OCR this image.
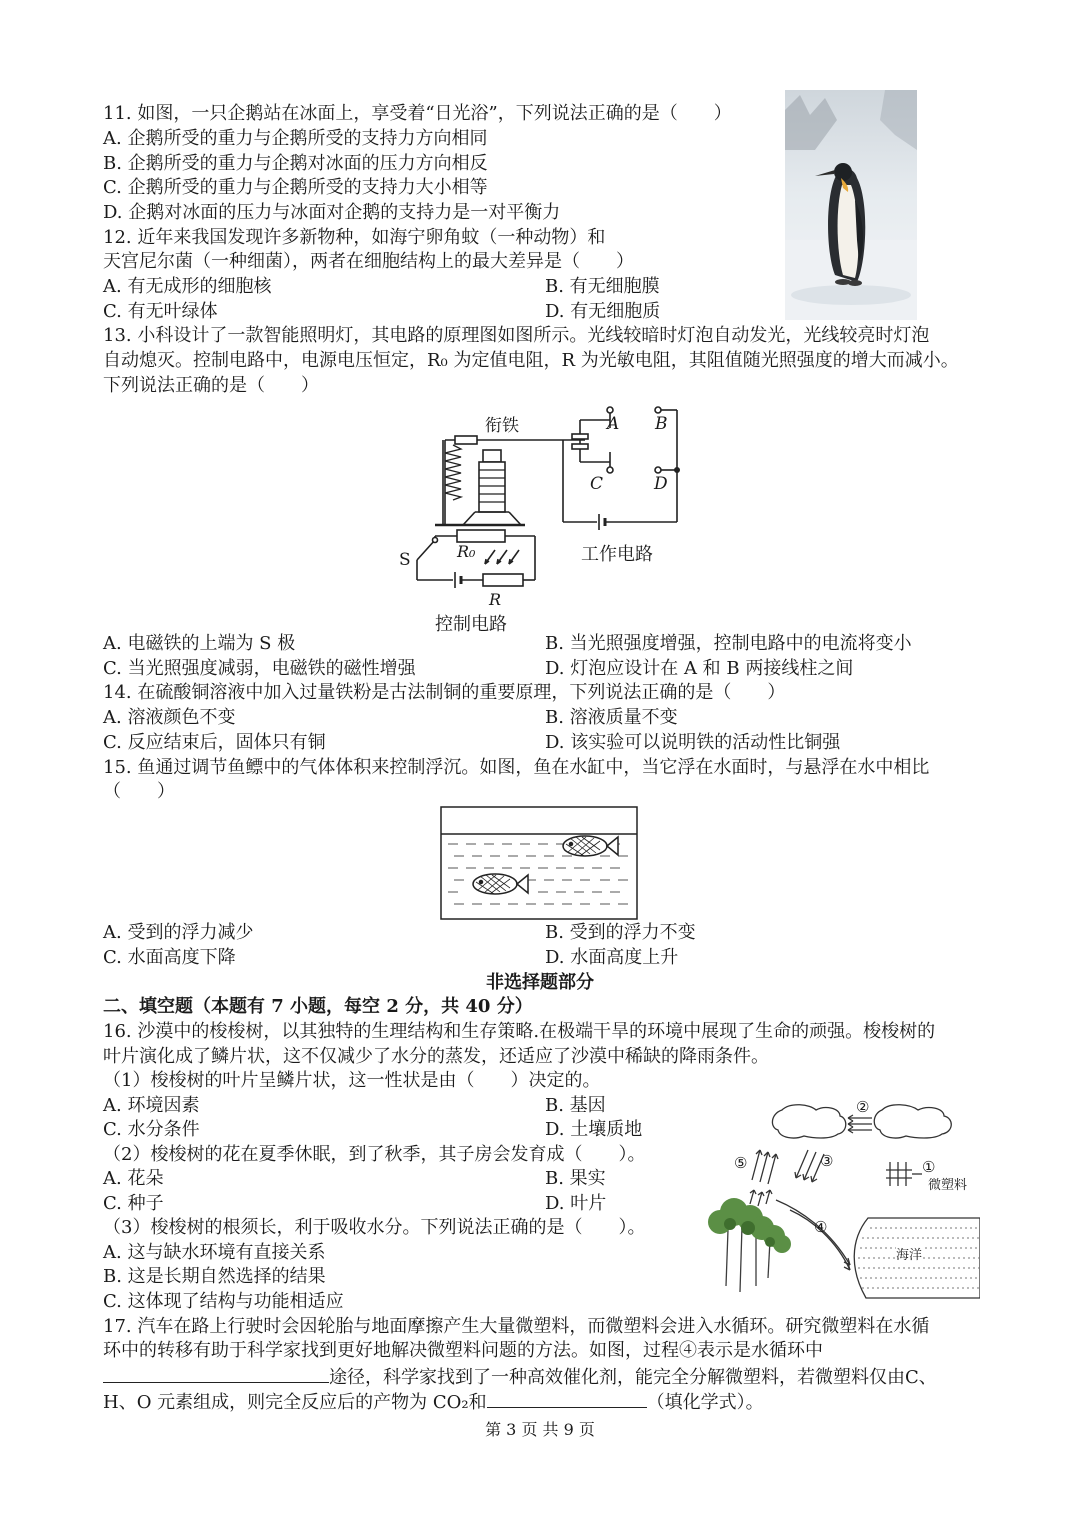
11. 如图，一只企鹅站在冰面上，享受着“日光浴”，下列说法正确的是（　　）
A. 企鹅所受的重力与企鹅所受的支持力方向相同
B. 企鹅所受的重力与企鹅对冰面的压力方向相反
C. 企鹅所受的重力与企鹅所受的支持力大小相等
D. 企鹅对冰面的压力与冰面对企鹅的支持力是一对平衡力
12. 近年来我国发现许多新物种，如海宁卵角蚊（一种动物）和
天宫尼尔菌（一种细菌），两者在细胞结构上的最大差异是（　　）
A. 有无成形的细胞核	B. 有无细胞膜
C. 有无叶绿体	D. 有无细胞质
13. 小科设计了一款智能照明灯，其电路的原理图如图所示。光线较暗时灯泡自动发光，光线较亮时灯泡
自动熄灭。控制电路中，电源电压恒定，R₀ 为定值电阻，R 为光敏电阻，其阻值随光照强度的增大而减小。
下列说法正确的是（　　）
衔铁	A B
C	D
S	R₀
R
工作电路
控制电路
A. 电磁铁的上端为 S 极	B. 当光照强度增强，控制电路中的电流将变小
C. 当光照强度减弱，电磁铁的磁性增强	D. 灯泡应设计在 A 和 B 两接线柱之间
14. 在硫酸铜溶液中加入过量铁粉是古法制铜的重要原理，下列说法正确的是（　　）
A. 溶液颜色不变	B. 溶液质量不变
C. 反应结束后，固体只有铜	D. 该实验可以说明铁的活动性比铜强
15. 鱼通过调节鱼鳔中的气体体积来控制浮沉。如图，鱼在水缸中，当它浮在水面时，与悬浮在水中相比
（　　）
A. 受到的浮力减少	B. 受到的浮力不变
C. 水面高度下降	D. 水面高度上升
非选择题部分
二、填空题（本题有 7 小题，每空 2 分，共 40 分）
16. 沙漠中的梭梭树，以其独特的生理结构和生存策略.在极端干旱的环境中展现了生命的顽强。梭梭树的
叶片演化成了鳞片状，这不仅减少了水分的蒸发，还适应了沙漠中稀缺的降雨条件。
（1）梭梭树的叶片呈鳞片状，这一性状是由（　　）决定的。
A. 环境因素	B. 基因
C. 水分条件	D. 土壤质地
（2）梭梭树的花在夏季休眠，到了秋季，其子房会发育成（　　）。
A. 花朵	B. 果实
C. 种子	D. 叶片
（3）梭梭树的根须长，利于吸收水分。下列说法正确的是（　　）。
A. 这与缺水环境有直接关系
B. 这是长期自然选择的结果
C. 这体现了结构与功能相适应
②
⑤	③	①
微塑料
④
海洋
17. 汽车在路上行驶时会因轮胎与地面摩擦产生大量微塑料，而微塑料会进入水循环。研究微塑料在水循
环中的转移有助于科学家找到更好地解决微塑料问题的方法。如图，过程④表示是水循环中
途径，科学家找到了一种高效催化剂，能完全分解微塑料，若微塑料仅由C、
H、O 元素组成，则完全反应后的产物为 CO₂和	（填化学式）。
第 3 页 共 9 页
